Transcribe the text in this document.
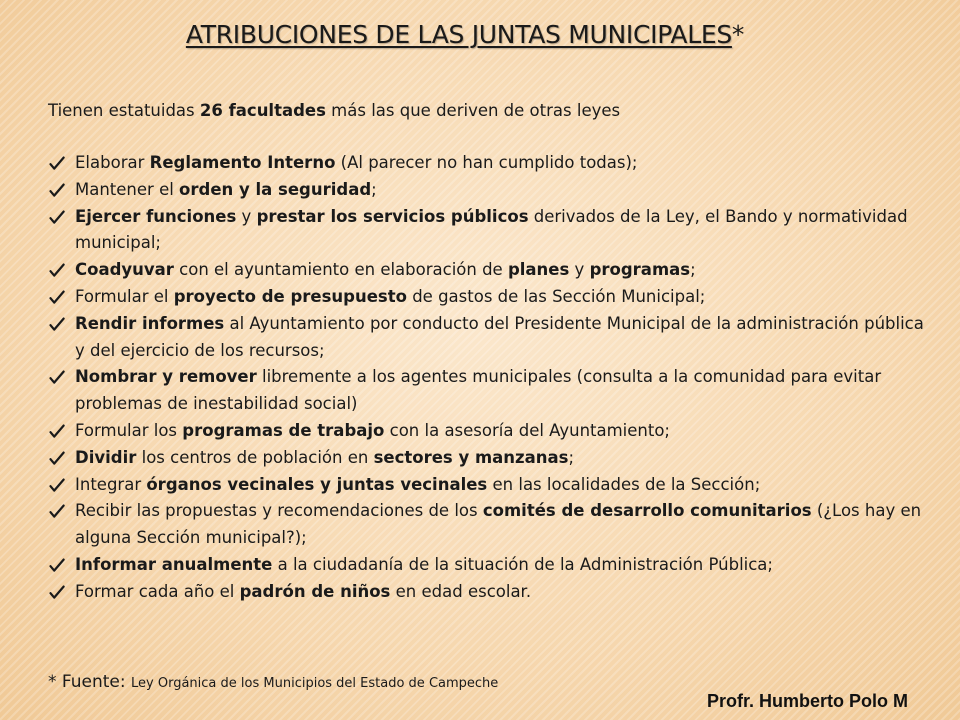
ATRIBUCIONES DE LAS JUNTAS MUNICIPALES*
Tienen estatuidas 26 facultades más las que deriven de otras leyes
Elaborar Reglamento Interno (Al parecer no han cumplido todas);
Mantener el orden y la seguridad;
Ejercer funciones y prestar los servicios públicos derivados de la Ley, el Bando y normatividad municipal;
Coadyuvar con el ayuntamiento en elaboración de planes y programas;
Formular el proyecto de presupuesto de gastos de las Sección Municipal;
Rendir informes al Ayuntamiento por conducto del Presidente Municipal de la administración pública y del ejercicio de los recursos;
Nombrar y remover libremente a los agentes municipales (consulta a la comunidad para evitar problemas de inestabilidad social)
Formular los programas de trabajo con la asesoría del Ayuntamiento;
Dividir los centros de población en sectores y manzanas;
Integrar órganos vecinales y juntas vecinales en las localidades de la Sección;
Recibir las propuestas y recomendaciones de los comités de desarrollo comunitarios (¿Los hay en alguna Sección municipal?);
Informar anualmente a la ciudadanía de la situación de la Administración Pública;
Formar cada año el padrón de niños en edad escolar.
* Fuente: Ley Orgánica de los Municipios del Estado de Campeche
Profr. Humberto Polo M
